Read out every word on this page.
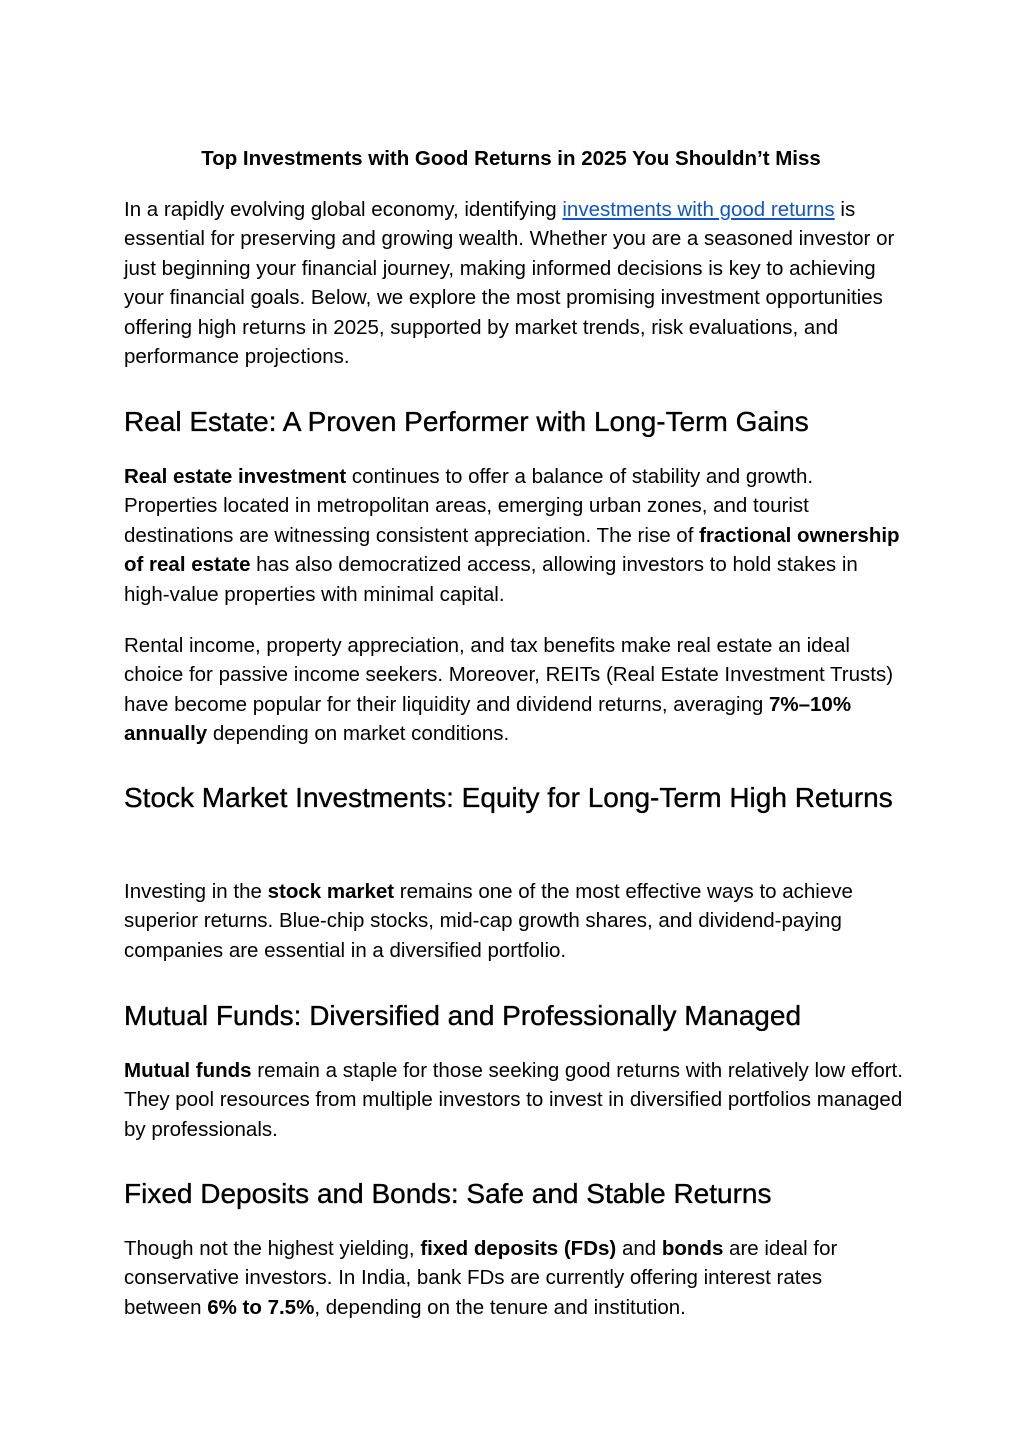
Top Investments with Good Returns in 2025 You Shouldn’t Miss

In a rapidly evolving global economy, identifying investments with good returns is essential for preserving and growing wealth. Whether you are a seasoned investor or just beginning your financial journey, making informed decisions is key to achieving your financial goals. Below, we explore the most promising investment opportunities offering high returns in 2025, supported by market trends, risk evaluations, and performance projections.

Real Estate: A Proven Performer with Long-Term Gains

Real estate investment continues to offer a balance of stability and growth. Properties located in metropolitan areas, emerging urban zones, and tourist destinations are witnessing consistent appreciation. The rise of fractional ownership of real estate has also democratized access, allowing investors to hold stakes in high-value properties with minimal capital.

Rental income, property appreciation, and tax benefits make real estate an ideal choice for passive income seekers. Moreover, REITs (Real Estate Investment Trusts) have become popular for their liquidity and dividend returns, averaging 7%–10% annually depending on market conditions.

Stock Market Investments: Equity for Long-Term High Returns

Investing in the stock market remains one of the most effective ways to achieve superior returns. Blue-chip stocks, mid-cap growth shares, and dividend-paying companies are essential in a diversified portfolio.

Mutual Funds: Diversified and Professionally Managed

Mutual funds remain a staple for those seeking good returns with relatively low effort. They pool resources from multiple investors to invest in diversified portfolios managed by professionals.

Fixed Deposits and Bonds: Safe and Stable Returns

Though not the highest yielding, fixed deposits (FDs) and bonds are ideal for conservative investors. In India, bank FDs are currently offering interest rates between 6% to 7.5%, depending on the tenure and institution.
